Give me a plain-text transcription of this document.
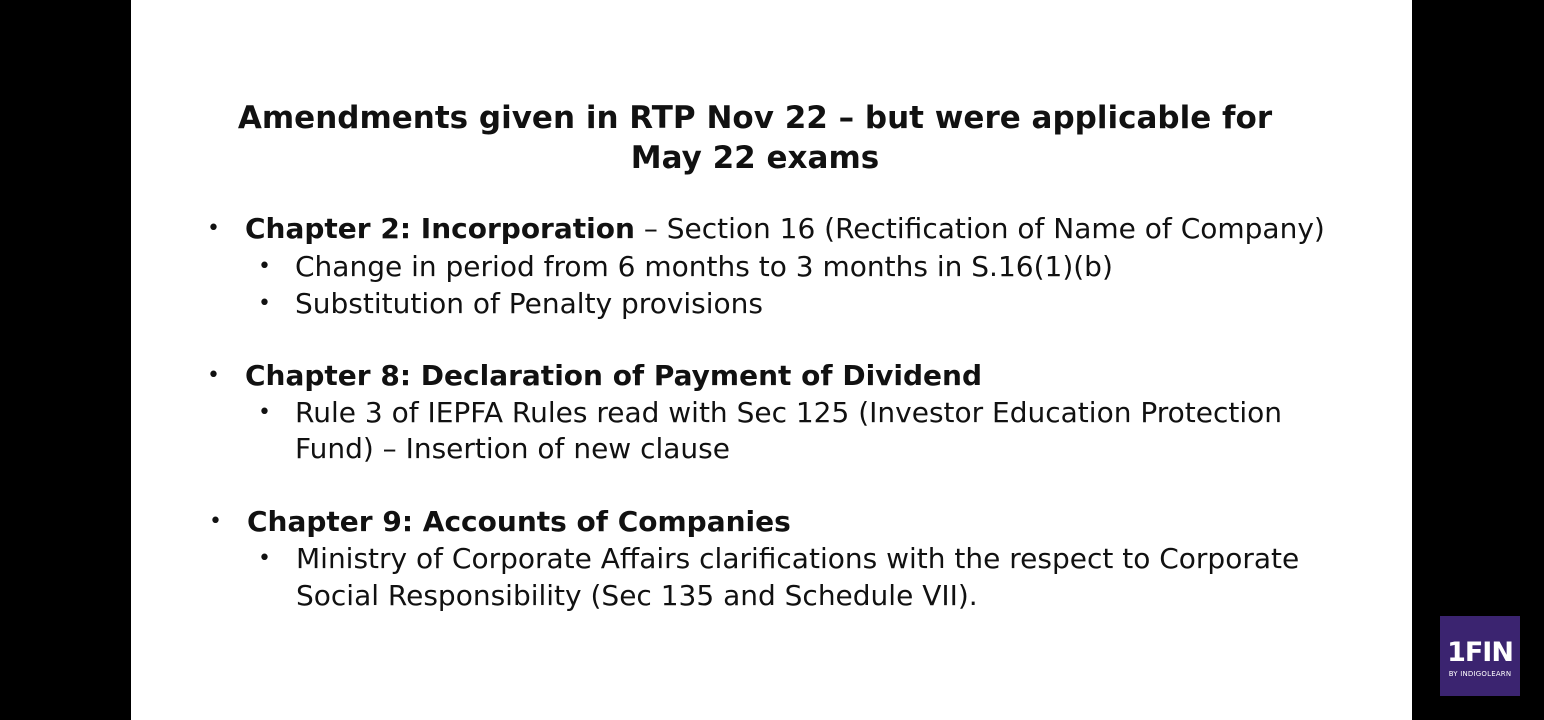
Amendments given in RTP Nov 22 – but were applicable for
May 22 exams
• Chapter 2: Incorporation – Section 16 (Rectification of Name of Company)
• Change in period from 6 months to 3 months in S.16(1)(b)
• Substitution of Penalty provisions
• Chapter 8: Declaration of Payment of Dividend
• Rule 3 of IEPFA Rules read with Sec 125 (Investor Education Protection
Fund) – Insertion of new clause
• Chapter 9: Accounts of Companies
• Ministry of Corporate Affairs clarifications with the respect to Corporate
Social Responsibility (Sec 135 and Schedule VII).
1FIN
BY INDIGOLEARN
